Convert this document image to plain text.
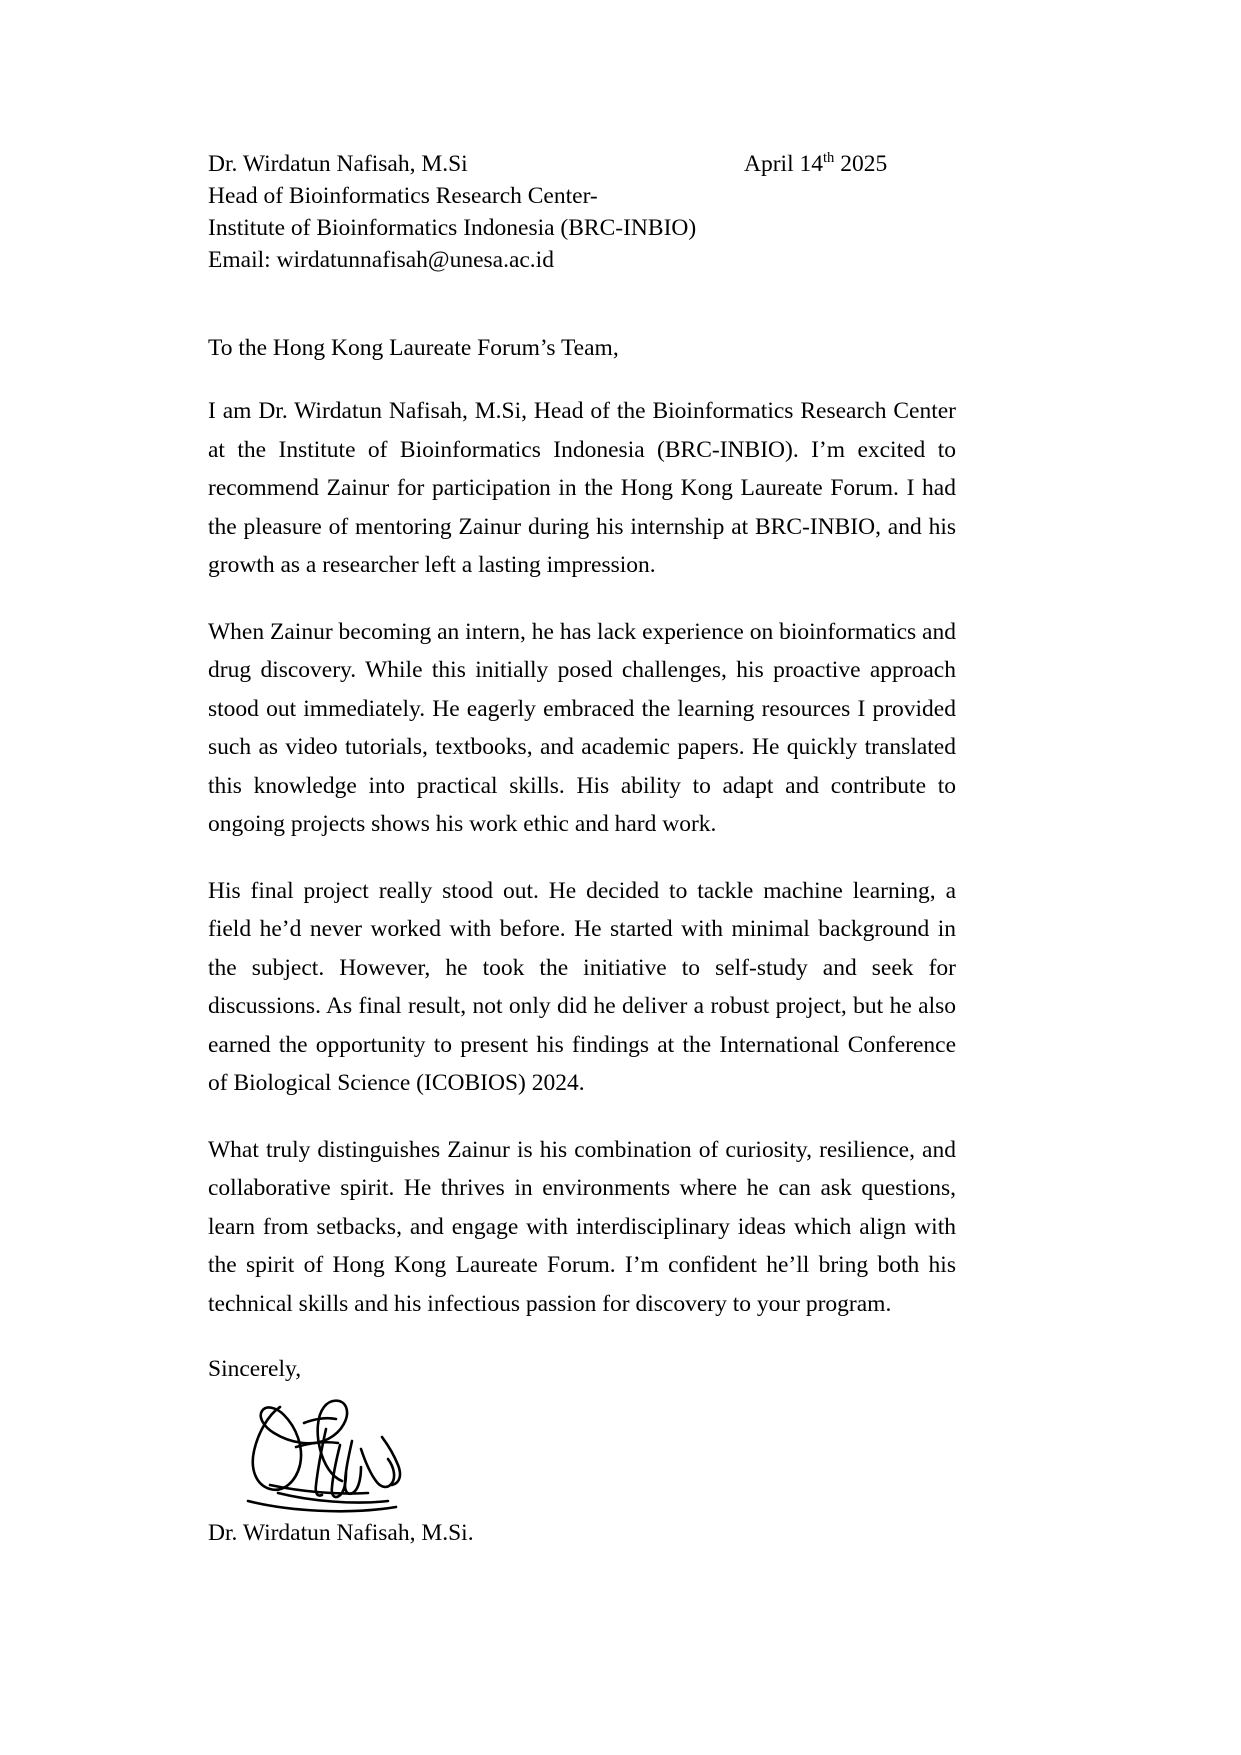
Dr. Wirdatun Nafisah, M.Si
Head of Bioinformatics Research Center-
Institute of Bioinformatics Indonesia (BRC-INBIO)
Email: wirdatunnafisah@unesa.ac.id
April 14th 2025
To the Hong Kong Laureate Forum’s Team,

I am Dr. Wirdatun Nafisah, M.Si, Head of the Bioinformatics Research Center at the Institute of Bioinformatics Indonesia (BRC-INBIO). I’m excited to recommend Zainur for participation in the Hong Kong Laureate Forum. I had the pleasure of mentoring Zainur during his internship at BRC-INBIO, and his growth as a researcher left a lasting impression.

When Zainur becoming an intern, he has lack experience on bioinformatics and drug discovery. While this initially posed challenges, his proactive approach stood out immediately. He eagerly embraced the learning resources I provided such as video tutorials, textbooks, and academic papers. He quickly translated this knowledge into practical skills. His ability to adapt and contribute to ongoing projects shows his work ethic and hard work.

His final project really stood out. He decided to tackle machine learning, a field he’d never worked with before. He started with minimal background in the subject. However, he took the initiative to self-study and seek for discussions. As final result, not only did he deliver a robust project, but he also earned the opportunity to present his findings at the International Conference of Biological Science (ICOBIOS) 2024.

What truly distinguishes Zainur is his combination of curiosity, resilience, and collaborative spirit. He thrives in environments where he can ask questions, learn from setbacks, and engage with interdisciplinary ideas which align with the spirit of Hong Kong Laureate Forum. I’m confident he’ll bring both his technical skills and his infectious passion for discovery to your program.

Sincerely,
Dr. Wirdatun Nafisah, M.Si.
